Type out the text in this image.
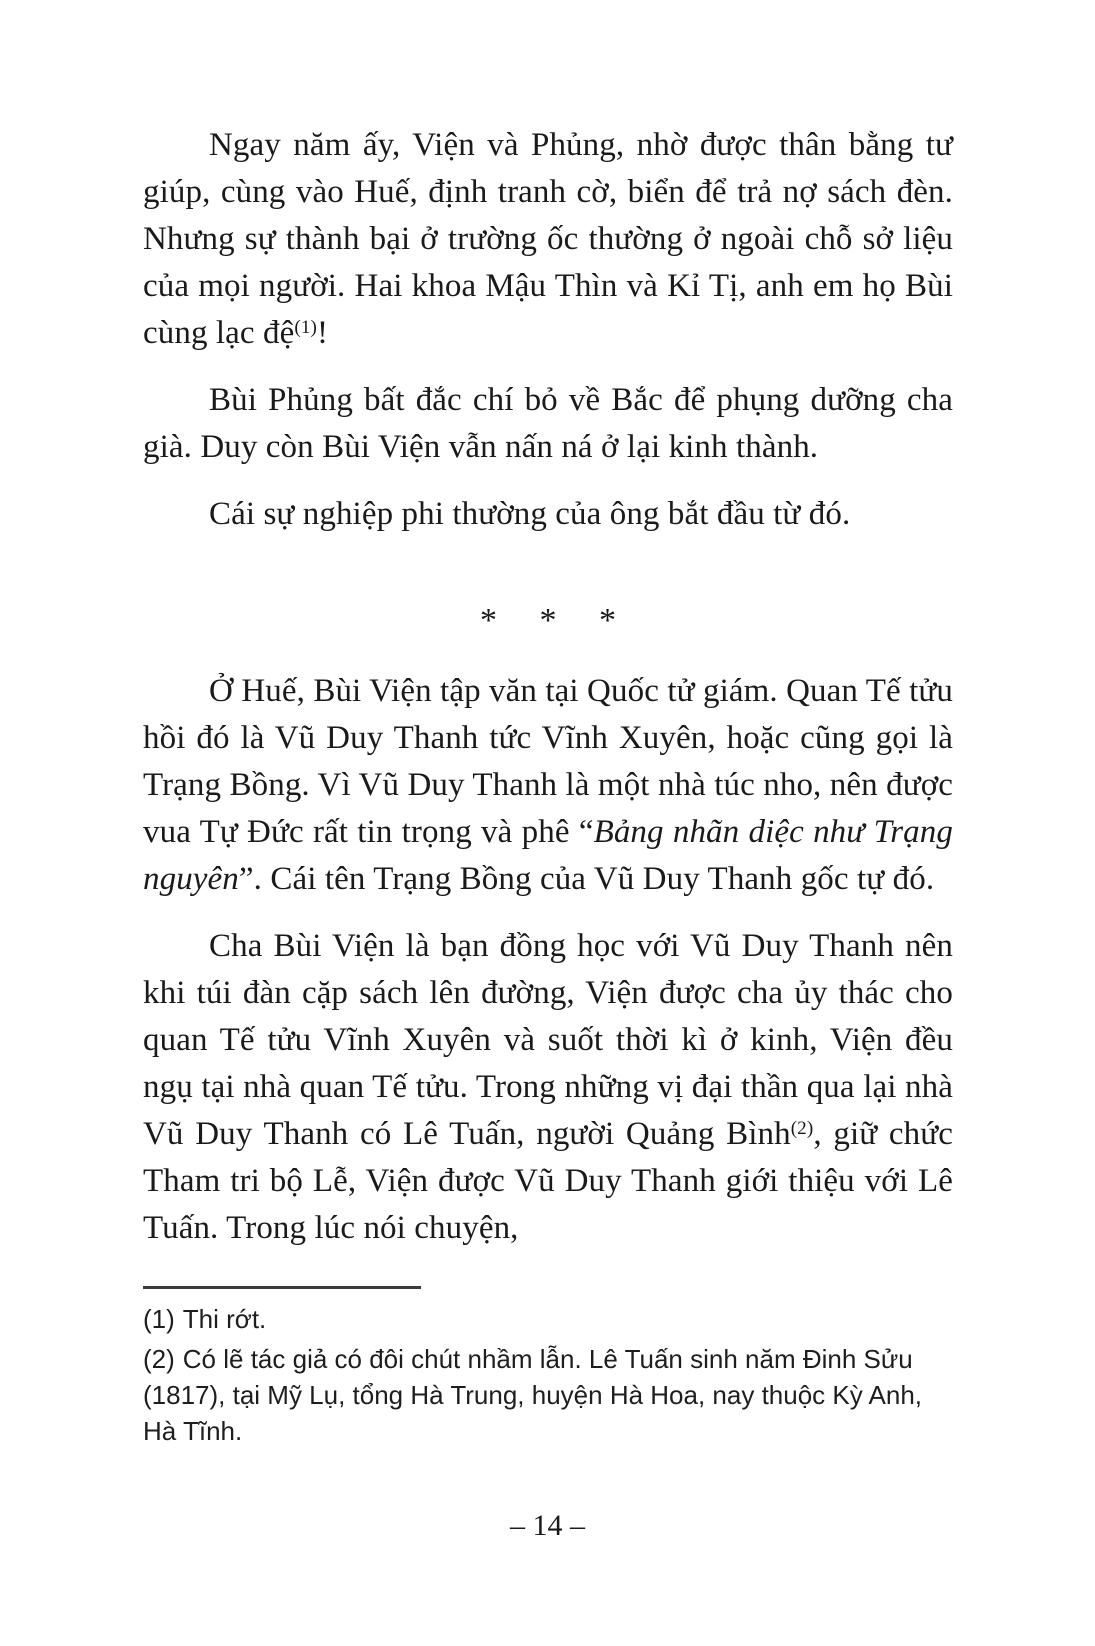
Ngay năm ấy, Viện và Phủng, nhờ được thân bằng tư giúp, cùng vào Huế, định tranh cờ, biển để trả nợ sách đèn. Nhưng sự thành bại ở trường ốc thường ở ngoài chỗ sở liệu của mọi người. Hai khoa Mậu Thìn và Kỉ Tị, anh em họ Bùi cùng lạc đệ$^{(1)}$!

Bùi Phủng bất đắc chí bỏ về Bắc để phụng dưỡng cha già. Duy còn Bùi Viện vẫn nấn ná ở lại kinh thành.

Cái sự nghiệp phi thường của ông bắt đầu từ đó.

* * *

Ở Huế, Bùi Viện tập văn tại Quốc tử giám. Quan Tế tửu hồi đó là Vũ Duy Thanh tức Vĩnh Xuyên, hoặc cũng gọi là Trạng Bồng. Vì Vũ Duy Thanh là một nhà túc nho, nên được vua Tự Đức rất tin trọng và phê “Bảng nhãn diệc như Trạng nguyên”. Cái tên Trạng Bồng của Vũ Duy Thanh gốc tự đó.

Cha Bùi Viện là bạn đồng học với Vũ Duy Thanh nên khi túi đàn cặp sách lên đường, Viện được cha ủy thác cho quan Tế tửu Vĩnh Xuyên và suốt thời kì ở kinh, Viện đều ngụ tại nhà quan Tế tửu. Trong những vị đại thần qua lại nhà Vũ Duy Thanh có Lê Tuấn, người Quảng Bình$^{(2)}$, giữ chức Tham tri bộ Lễ, Viện được Vũ Duy Thanh giới thiệu với Lê Tuấn. Trong lúc nói chuyện,

(1) Thi rớt.

(2) Có lẽ tác giả có đôi chút nhầm lẫn. Lê Tuấn sinh năm Đinh Sửu (1817), tại Mỹ Lụ, tổng Hà Trung, huyện Hà Hoa, nay thuộc Kỳ Anh, Hà Tĩnh.

– 14 –
